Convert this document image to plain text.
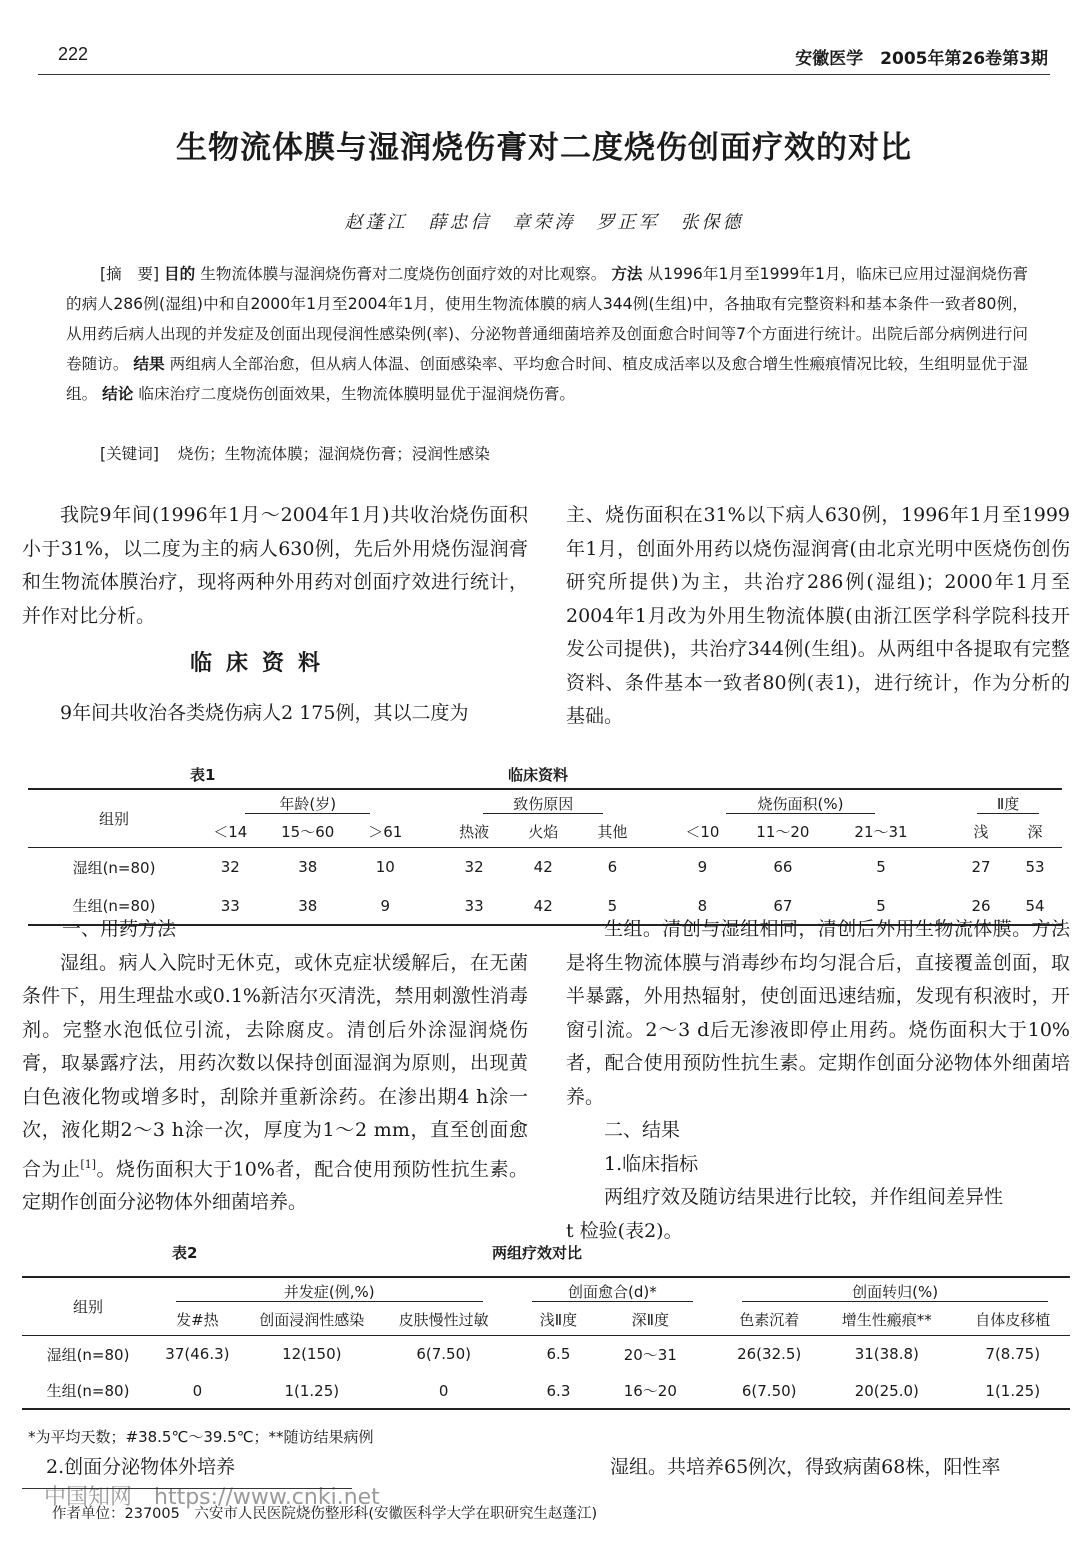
222	安徽医学　2005年第26卷第3期
生物流体膜与湿润烧伤膏对二度烧伤创面疗效的对比
赵蓬江　薛忠信　章荣涛　罗正军　张保德
[摘　要] 目的 生物流体膜与湿润烧伤膏对二度烧伤创面疗效的对比观察。 方法 从1996年1月至1999年1月，临床已应用过湿润烧伤膏的病人286例(湿组)中和自2000年1月至2004年1月，使用生物流体膜的病人344例(生组)中，各抽取有完整资料和基本条件一致者80例，从用药后病人出现的并发症及创面出现侵润性感染例(率)、分泌物普通细菌培养及创面愈合时间等7个方面进行统计。出院后部分病例进行问卷随访。 结果 两组病人全部治愈，但从病人体温、创面感染率、平均愈合时间、植皮成活率以及愈合增生性瘢痕情况比较，生组明显优于湿组。 结论 临床治疗二度烧伤创面效果，生物流体膜明显优于湿润烧伤膏。
[关键词] 烧伤；生物流体膜；湿润烧伤膏；浸润性感染

我院9年间(1996年1月～2004年1月)共收治烧伤面积小于31%，以二度为主的病人630例，先后外用烧伤湿润膏和生物流体膜治疗，现将两种外用药对创面疗效进行统计，并作对比分析。

临床资料

9年间共收治各类烧伤病人2 175例，其以二度为

主、烧伤面积在31%以下病人630例，1996年1月至1999年1月，创面外用药以烧伤湿润膏(由北京光明中医烧伤创伤研究所提供)为主，共治疗286例(湿组)；2000年1月至2004年1月改为外用生物流体膜(由浙江医学科学院科技开发公司提供)，共治疗344例(生组)。从两组中各提取有完整资料、条件基本一致者80例(表1)，进行统计，作为分析的基础。

表1	临床资料
组别	年龄(岁)				致伤原因				烧伤面积(%)				Ⅱ度	
	＜14	15～60	＞61		热液	火焰	其他		＜10	11～20	21～31		浅	深
湿组(n=80)	32	38	10		32	42	6		9	66	5		27	53
生组(n=80)	33	38	9		33	42	5		8	67	5		26	54

一、用药方法

湿组。病人入院时无休克，或休克症状缓解后，在无菌条件下，用生理盐水或0.1%新洁尔灭清洗，禁用刺激性消毒剂。完整水泡低位引流，去除腐皮。清创后外涂湿润烧伤膏，取暴露疗法，用药次数以保持创面湿润为原则，出现黄白色液化物或增多时，刮除并重新涂药。在渗出期4 h涂一次，液化期2～3 h涂一次，厚度为1～2 mm，直至创面愈合为止[1]。烧伤面积大于10%者，配合使用预防性抗生素。定期作创面分泌物体外细菌培养。

生组。清创与湿组相同，清创后外用生物流体膜。方法是将生物流体膜与消毒纱布均匀混合后，直接覆盖创面，取半暴露，外用热辐射，使创面迅速结痂，发现有积液时，开窗引流。2～3 d后无渗液即停止用药。烧伤面积大于10%者，配合使用预防性抗生素。定期作创面分泌物体外细菌培养。

二、结果

1.临床指标

两组疗效及随访结果进行比较，并作组间差异性

t 检验(表2)。

表2	两组疗效对比
组别	并发症(例,%)				创面愈合(d)*			创面转归(%)		
	发#热	创面浸润性感染	皮肤慢性过敏		浅Ⅱ度	深Ⅱ度		色素沉着	增生性瘢痕**	自体皮移植
湿组(n=80)	37(46.3)	12(150)	6(7.50)		6.5	20～31		26(32.5)	31(38.8)	7(8.75)
生组(n=80)	0	1(1.25)	0		6.3	16～20		6(7.50)	20(25.0)	1(1.25)
*为平均天数；#38.5℃～39.5℃；**随访结果病例
2.创面分泌物体外培养	湿组。共培养65例次，得致病菌68株，阳性率
中国知网　https://www.cnki.net
作者单位：237005　六安市人民医院烧伤整形科(安徽医科学大学在职研究生赵蓬江)
